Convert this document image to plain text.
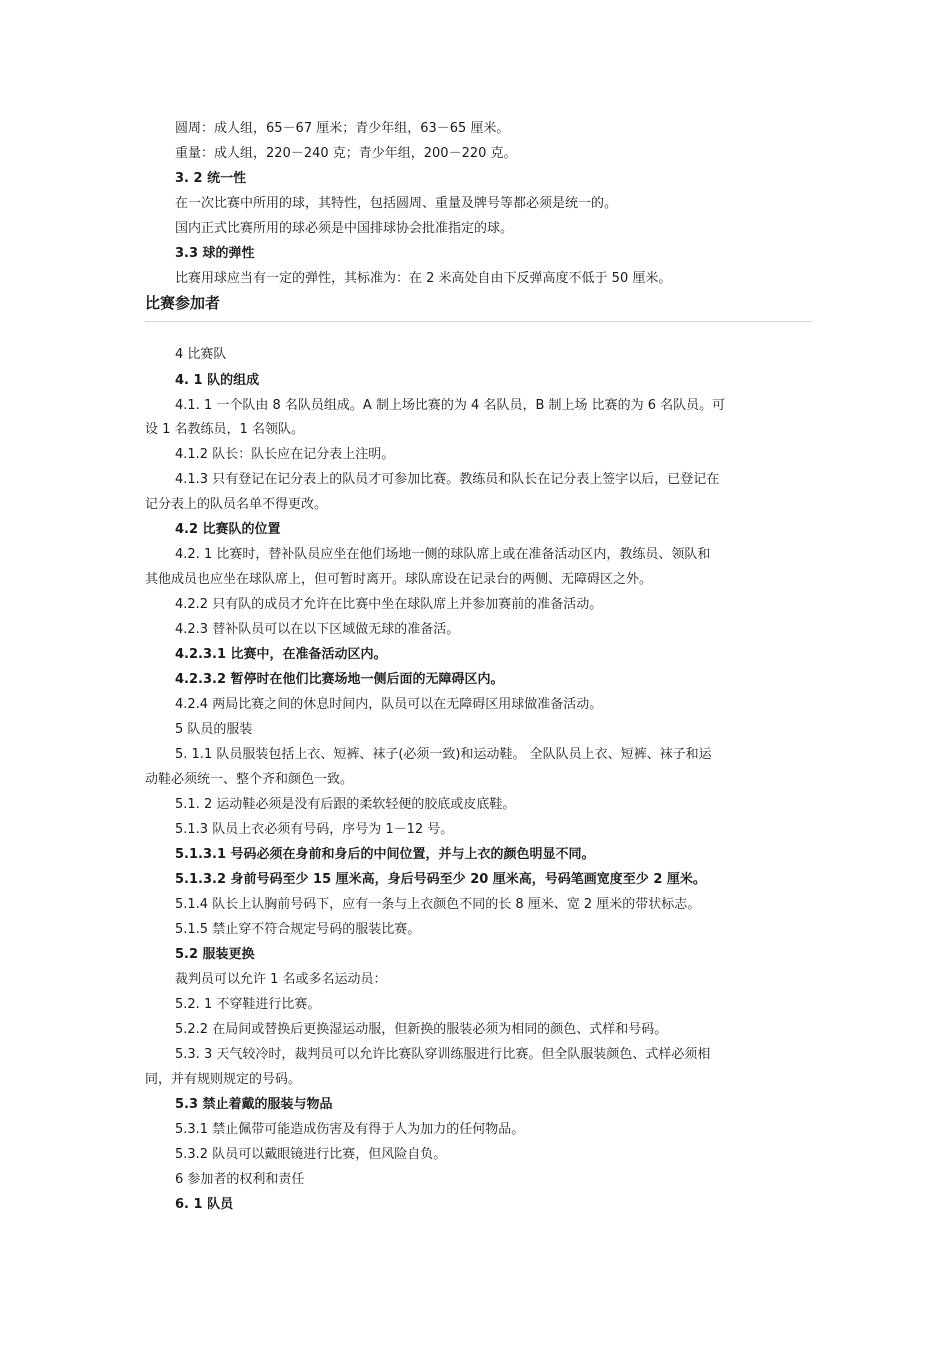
圆周：成人组，65－67 厘米；青少年组，63－65 厘米。
重量：成人组，220－240 克；青少年组，200－220 克。
3. 2 统一性
在一次比赛中所用的球，其特性，包括圆周、重量及牌号等都必须是统一的。
国内正式比赛所用的球必须是中国排球协会批准指定的球。
3.3 球的弹性
比赛用球应当有一定的弹性，其标准为：在 2 米高处自由下反弹高度不低于 50 厘米。
比赛参加者
4 比赛队
4. 1 队的组成
4.1. 1 一个队由 8 名队员组成。A 制上场比赛的为 4 名队员，B 制上场 比赛的为 6 名队员。可
设 1 名教练员，1 名领队。
4.1.2 队长：队长应在记分表上注明。
4.1.3 只有登记在记分表上的队员才可参加比赛。教练员和队长在记分表上签字以后，已登记在
记分表上的队员名单不得更改。
4.2 比赛队的位置
4.2. 1 比赛时，替补队员应坐在他们场地一侧的球队席上或在准备活动区内，教练员、领队和
其他成员也应坐在球队席上，但可暂时离开。球队席设在记录台的两侧、无障碍区之外。
4.2.2 只有队的成员才允许在比赛中坐在球队席上并参加赛前的准备活动。
4.2.3 替补队员可以在以下区域做无球的准备活。
4.2.3.1 比赛中，在准备活动区内。
4.2.3.2 暂停时在他们比赛场地一侧后面的无障碍区内。
4.2.4 两局比赛之间的休息时间内，队员可以在无障碍区用球做准备活动。
5 队员的服装
5. 1.1 队员服装包括上衣、短裤、袜子(必须一致)和运动鞋。 全队队员上衣、短裤、袜子和运
动鞋必须统一、整个齐和颜色一致。
5.1. 2 运动鞋必须是没有后跟的柔软轻便的胶底或皮底鞋。
5.1.3 队员上衣必须有号码，序号为 1－12 号。
5.1.3.1 号码必须在身前和身后的中间位置，并与上衣的颜色明显不同。
5.1.3.2 身前号码至少 15 厘米高，身后号码至少 20 厘米高，号码笔画宽度至少 2 厘米。
5.1.4 队长上认胸前号码下，应有一条与上衣颜色不同的长 8 厘米、宽 2 厘米的带状标志。
5.1.5 禁止穿不符合规定号码的服装比赛。
5.2 服装更换
裁判员可以允许 1 名或多名运动员：
5.2. 1 不穿鞋进行比赛。
5.2.2 在局间或替换后更换湿运动服，但新换的服装必须为相同的颜色、式样和号码。
5.3. 3 天气较冷时，裁判员可以允许比赛队穿训练服进行比赛。但全队服装颜色、式样必须相
同，并有规则规定的号码。
5.3 禁止着戴的服装与物品
5.3.1 禁止佩带可能造成伤害及有得于人为加力的任何物品。
5.3.2 队员可以戴眼镜进行比赛，但风险自负。
6 参加者的权利和责任
6. 1 队员
